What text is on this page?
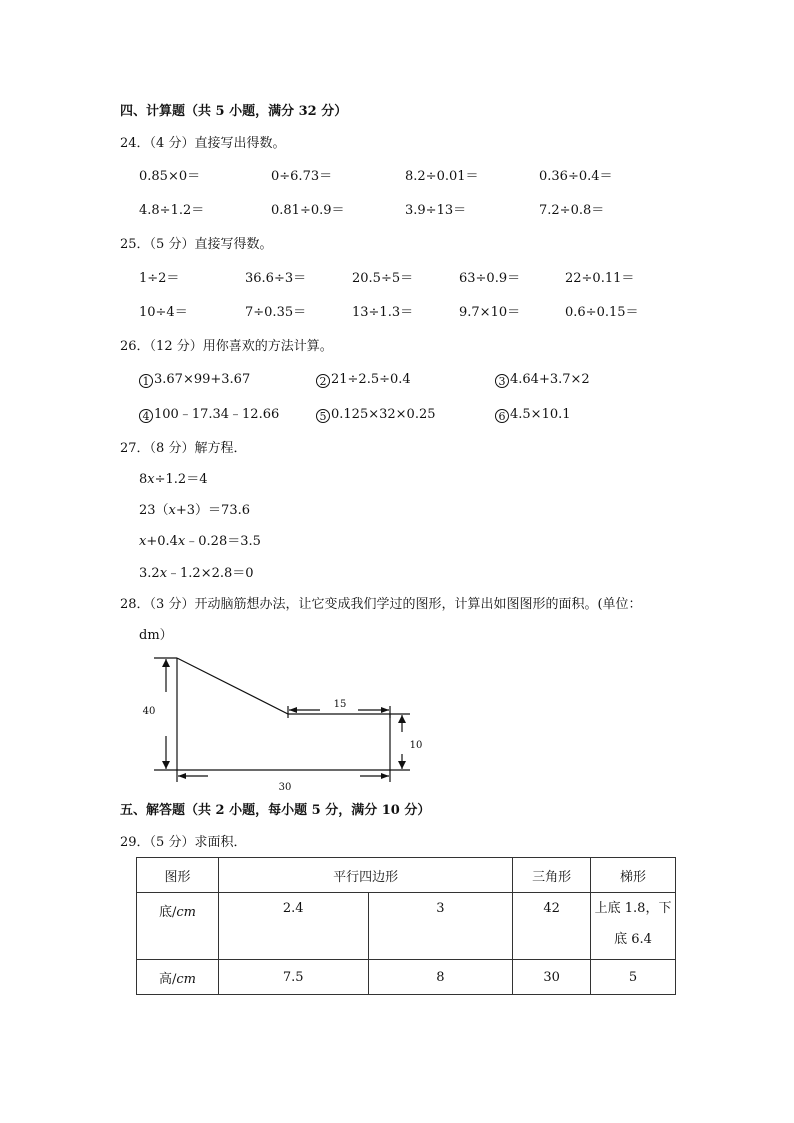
四、计算题（共 5 小题，满分 32 分）
24．（4 分）直接写出得数。
0.85×0＝	0÷6.73＝	8.2÷0.01＝	0.36÷0.4＝
4.8÷1.2＝	0.81÷0.9＝	3.9÷13＝	7.2÷0.8＝
25．（5 分）直接写得数。
1÷2＝	36.6÷3＝	20.5÷5＝	63÷0.9＝	22÷0.11＝
10÷4＝	7÷0.35＝	13÷1.3＝	9.7×10＝	0.6÷0.15＝
26．（12 分）用你喜欢的方法计算。
1 3.67×99+3.67	2 21÷2.5÷0.4	3 4.64+3.7×2
4 100﹣17.34﹣12.66	5 0.125×32×0.25	6 4.5×10.1
27．（8 分）解方程．
8x÷1.2＝4
23（x+3）＝73.6
x+0.4x﹣0.28＝3.5
3.2x﹣1.2×2.8＝0
28．（3 分）开动脑筋想办法，让它变成我们学过的图形，计算出如图图形的面积。(单位：
dm）
40
15
10
30
五、解答题（共 2 小题，每小题 5 分，满分 10 分）
29．（5 分）求面积．
图形	平行四边形		三角形	梯形

底/cm	2.4	3	42	上底 1.8，下
底 6.4
高/cm	7.5	8	30	5
